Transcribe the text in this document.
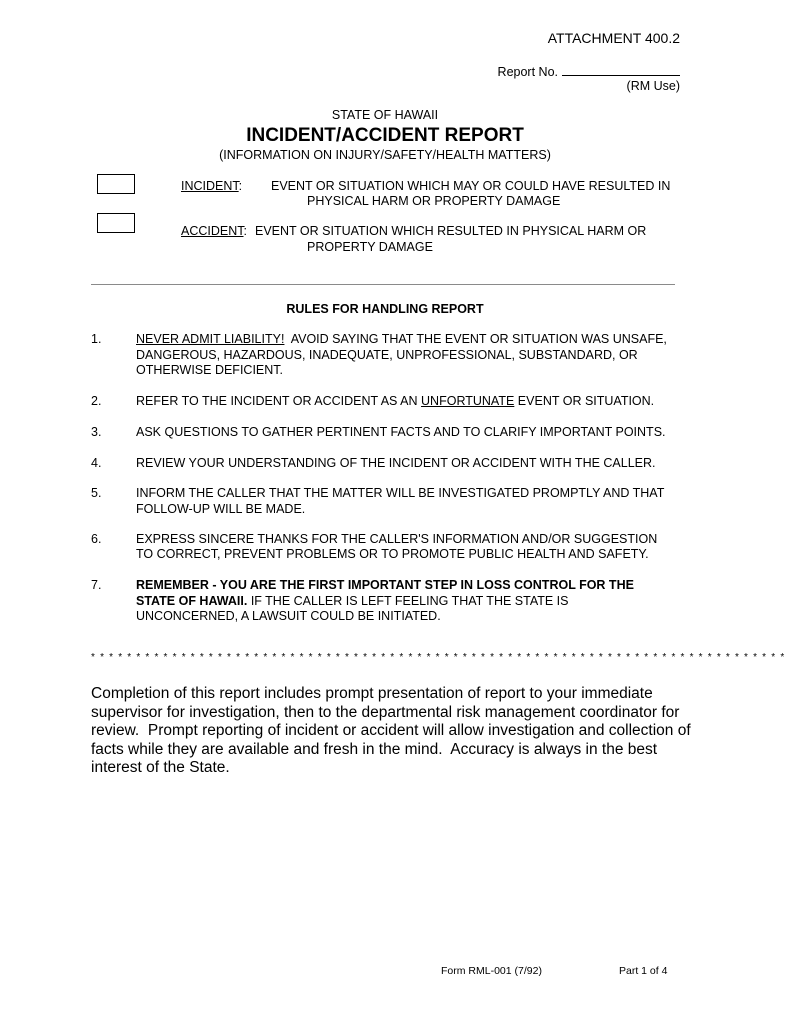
ATTACHMENT 400.2
Report No.
(RM Use)
STATE OF HAWAII
INCIDENT/ACCIDENT REPORT
(INFORMATION ON INJURY/SAFETY/HEALTH MATTERS)
INCIDENT: EVENT OR SITUATION WHICH MAY OR COULD HAVE RESULTED IN
PHYSICAL HARM OR PROPERTY DAMAGE
ACCIDENT: EVENT OR SITUATION WHICH RESULTED IN PHYSICAL HARM OR
PROPERTY DAMAGE
RULES FOR HANDLING REPORT
1.	NEVER ADMIT LIABILITY!  AVOID SAYING THAT THE EVENT OR SITUATION WAS UNSAFE,
DANGEROUS, HAZARDOUS, INADEQUATE, UNPROFESSIONAL, SUBSTANDARD, OR
OTHERWISE DEFICIENT.
2.	REFER TO THE INCIDENT OR ACCIDENT AS AN UNFORTUNATE EVENT OR SITUATION.
3.	ASK QUESTIONS TO GATHER PERTINENT FACTS AND TO CLARIFY IMPORTANT POINTS.
4.	REVIEW YOUR UNDERSTANDING OF THE INCIDENT OR ACCIDENT WITH THE CALLER.
5.	INFORM THE CALLER THAT THE MATTER WILL BE INVESTIGATED PROMPTLY AND THAT
FOLLOW-UP WILL BE MADE.
6.	EXPRESS SINCERE THANKS FOR THE CALLER'S INFORMATION AND/OR SUGGESTION
TO CORRECT, PREVENT PROBLEMS OR TO PROMOTE PUBLIC HEALTH AND SAFETY.
7.	REMEMBER - YOU ARE THE FIRST IMPORTANT STEP IN LOSS CONTROL FOR THE
STATE OF HAWAII. IF THE CALLER IS LEFT FEELING THAT THE STATE IS
UNCONCERNED, A LAWSUIT COULD BE INITIATED.
* * * * * * * * * * * * * * * * * * * * * * * * * * * * * * * * * * * * * * * * * * * * * * * * * * * * * * * * * * * * * * * * * * * * * * * * * * * * *
Completion of this report includes prompt presentation of report to your immediate
supervisor for investigation, then to the departmental risk management coordinator for
review.  Prompt reporting of incident or accident will allow investigation and collection of
facts while they are available and fresh in the mind.  Accuracy is always in the best
interest of the State.
Form RML-001 (7/92)	Part 1 of 4
